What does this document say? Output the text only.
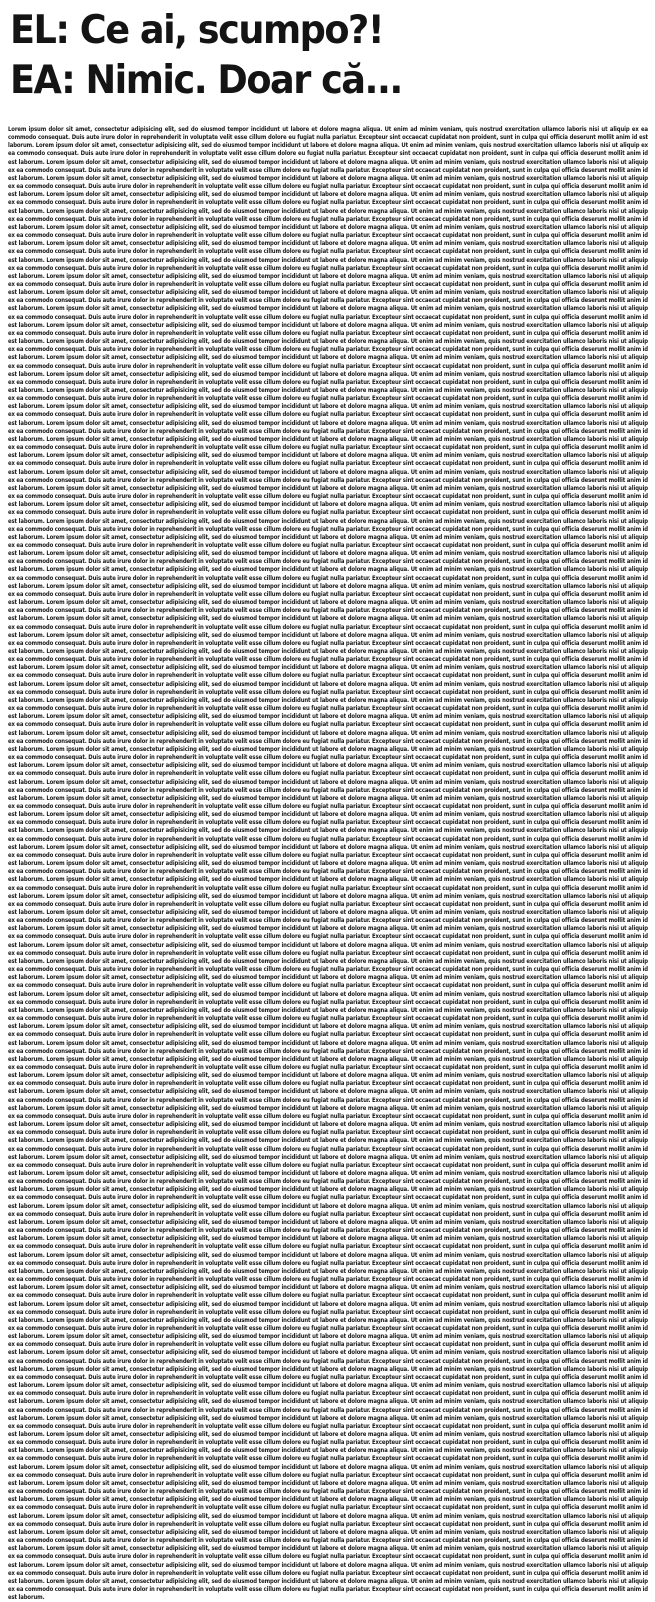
EL: Ce ai, scumpo?!
EA: Nimic. Doar că...

Lorem ipsum dolor sit amet, consectetur adipisicing elit, sed do eiusmod tempor incididunt ut labore et dolore magna aliqua. Ut enim ad minim veniam, quis nostrud exercitation ullamco laboris nisi ut aliquip ex ea commodo consequat. Duis aute irure dolor in reprehenderit in voluptate velit esse cillum dolore eu fugiat nulla pariatur. Excepteur sint occaecat cupidatat non proident, sunt in culpa qui officia deserunt mollit anim id est laborum. Lorem ipsum dolor sit amet, consectetur adipisicing elit, sed do eiusmod tempor incididunt ut labore et dolore magna aliqua. Ut enim ad minim veniam, quis nostrud exercitation ullamco laboris nisi ut aliquip ex ea commodo consequat. Duis aute irure dolor in reprehenderit in voluptate velit esse cillum dolore eu fugiat nulla pariatur. Excepteur sint occaecat cupidatat non proident, sunt in culpa qui officia deserunt mollit anim id est laborum. Lorem ipsum dolor sit amet, consectetur adipisicing elit, sed do eiusmod tempor incididunt ut labore et dolore magna aliqua. Ut enim ad minim veniam, quis nostrud exercitation ullamco laboris nisi ut aliquip ex ea commodo consequat. Duis aute irure dolor in reprehenderit in voluptate velit esse cillum dolore eu fugiat nulla pariatur. Excepteur sint occaecat cupidatat non proident, sunt in culpa qui officia deserunt mollit anim id est laborum. Lorem ipsum dolor sit amet, consectetur adipisicing elit, sed do eiusmod tempor incididunt ut labore et dolore magna aliqua. Ut enim ad minim veniam, quis nostrud exercitation ullamco laboris nisi ut aliquip ex ea commodo consequat. Duis aute irure dolor in reprehenderit in voluptate velit esse cillum dolore eu fugiat nulla pariatur. Excepteur sint occaecat cupidatat non proident, sunt in culpa qui officia deserunt mollit anim id est laborum. Lorem ipsum dolor sit amet, consectetur adipisicing elit, sed do eiusmod tempor incididunt ut labore et dolore magna aliqua. Ut enim ad minim veniam, quis nostrud exercitation ullamco laboris nisi ut aliquip ex ea commodo consequat. Duis aute irure dolor in reprehenderit in voluptate velit esse cillum dolore eu fugiat nulla pariatur. Excepteur sint occaecat cupidatat non proident, sunt in culpa qui officia deserunt mollit anim id est laborum. Lorem ipsum dolor sit amet, consectetur adipisicing elit, sed do eiusmod tempor incididunt ut labore et dolore magna aliqua. Ut enim ad minim veniam, quis nostrud exercitation ullamco laboris nisi ut aliquip ex ea commodo consequat. Duis aute irure dolor in reprehenderit in voluptate velit esse cillum dolore eu fugiat nulla pariatur. Excepteur sint occaecat cupidatat non proident, sunt in culpa qui officia deserunt mollit anim id est laborum. Lorem ipsum dolor sit amet, consectetur adipisicing elit, sed do eiusmod tempor incididunt ut labore et dolore magna aliqua. Ut enim ad minim veniam, quis nostrud exercitation ullamco laboris nisi ut aliquip ex ea commodo consequat. Duis aute irure dolor in reprehenderit in voluptate velit esse cillum dolore eu fugiat nulla pariatur. Excepteur sint occaecat cupidatat non proident, sunt in culpa qui officia deserunt mollit anim id est laborum. Lorem ipsum dolor sit amet, consectetur adipisicing elit, sed do eiusmod tempor incididunt ut labore et dolore magna aliqua. Ut enim ad minim veniam, quis nostrud exercitation ullamco laboris nisi ut aliquip ex ea commodo consequat. Duis aute irure dolor in reprehenderit in voluptate velit esse cillum dolore eu fugiat nulla pariatur. Excepteur sint occaecat cupidatat non proident, sunt in culpa qui officia deserunt mollit anim id est laborum. Lorem ipsum dolor sit amet, consectetur adipisicing elit, sed do eiusmod tempor incididunt ut labore et dolore magna aliqua. Ut enim ad minim veniam, quis nostrud exercitation ullamco laboris nisi ut aliquip ex ea commodo consequat. Duis aute irure dolor in reprehenderit in voluptate velit esse cillum dolore eu fugiat nulla pariatur. Excepteur sint occaecat cupidatat non proident, sunt in culpa qui officia deserunt mollit anim id est laborum. Lorem ipsum dolor sit amet, consectetur adipisicing elit, sed do eiusmod tempor incididunt ut labore et dolore magna aliqua. Ut enim ad minim veniam, quis nostrud exercitation ullamco laboris nisi ut aliquip ex ea commodo consequat. Duis aute irure dolor in reprehenderit in voluptate velit esse cillum dolore eu fugiat nulla pariatur. Excepteur sint occaecat cupidatat non proident, sunt in culpa qui officia deserunt mollit anim id est laborum. Lorem ipsum dolor sit amet, consectetur adipisicing elit, sed do eiusmod tempor incididunt ut labore et dolore magna aliqua. Ut enim ad minim veniam, quis nostrud exercitation ullamco laboris nisi ut aliquip ex ea commodo consequat. Duis aute irure dolor in reprehenderit in voluptate velit esse cillum dolore eu fugiat nulla pariatur. Excepteur sint occaecat cupidatat non proident, sunt in culpa qui officia deserunt mollit anim id est laborum. Lorem ipsum dolor sit amet, consectetur adipisicing elit, sed do eiusmod tempor incididunt ut labore et dolore magna aliqua. Ut enim ad minim veniam, quis nostrud exercitation ullamco laboris nisi ut aliquip ex ea commodo consequat. Duis aute irure dolor in reprehenderit in voluptate velit esse cillum dolore eu fugiat nulla pariatur. Excepteur sint occaecat cupidatat non proident, sunt in culpa qui officia deserunt mollit anim id est laborum. Lorem ipsum dolor sit amet, consectetur adipisicing elit, sed do eiusmod tempor incididunt ut labore et dolore magna aliqua. Ut enim ad minim veniam, quis nostrud exercitation ullamco laboris nisi ut aliquip ex ea commodo consequat. Duis aute irure dolor in reprehenderit in voluptate velit esse cillum dolore eu fugiat nulla pariatur. Excepteur sint occaecat cupidatat non proident, sunt in culpa qui officia deserunt mollit anim id est laborum. Lorem ipsum dolor sit amet, consectetur adipisicing elit, sed do eiusmod tempor incididunt ut labore et dolore magna aliqua. Ut enim ad minim veniam, quis nostrud exercitation ullamco laboris nisi ut aliquip ex ea commodo consequat. Duis aute irure dolor in reprehenderit in voluptate velit esse cillum dolore eu fugiat nulla pariatur. Excepteur sint occaecat cupidatat non proident, sunt in culpa qui officia deserunt mollit anim id est laborum. Lorem ipsum dolor sit amet, consectetur adipisicing elit, sed do eiusmod tempor incididunt ut labore et dolore magna aliqua. Ut enim ad minim veniam, quis nostrud exercitation ullamco laboris nisi ut aliquip ex ea commodo consequat. Duis aute irure dolor in reprehenderit in voluptate velit esse cillum dolore eu fugiat nulla pariatur. Excepteur sint occaecat cupidatat non proident, sunt in culpa qui officia deserunt mollit anim id est laborum. Lorem ipsum dolor sit amet, consectetur adipisicing elit, sed do eiusmod tempor incididunt ut labore et dolore magna aliqua. Ut enim ad minim veniam, quis nostrud exercitation ullamco laboris nisi ut aliquip ex ea commodo consequat. Duis aute irure dolor in reprehenderit in voluptate velit esse cillum dolore eu fugiat nulla pariatur. Excepteur sint occaecat cupidatat non proident, sunt in culpa qui officia deserunt mollit anim id est laborum. Lorem ipsum dolor sit amet, consectetur adipisicing elit, sed do eiusmod tempor incididunt ut labore et dolore magna aliqua. Ut enim ad minim veniam, quis nostrud exercitation ullamco laboris nisi ut aliquip ex ea commodo consequat. Duis aute irure dolor in reprehenderit in voluptate velit esse cillum dolore eu fugiat nulla pariatur. Excepteur sint occaecat cupidatat non proident, sunt in culpa qui officia deserunt mollit anim id est laborum. Lorem ipsum dolor sit amet, consectetur adipisicing elit, sed do eiusmod tempor incididunt ut labore et dolore magna aliqua. Ut enim ad minim veniam, quis nostrud exercitation ullamco laboris nisi ut aliquip ex ea commodo consequat. Duis aute irure dolor in reprehenderit in voluptate velit esse cillum dolore eu fugiat nulla pariatur. Excepteur sint occaecat cupidatat non proident, sunt in culpa qui officia deserunt mollit anim id est laborum. Lorem ipsum dolor sit amet, consectetur adipisicing elit, sed do eiusmod tempor incididunt ut labore et dolore magna aliqua. Ut enim ad minim veniam, quis nostrud exercitation ullamco laboris nisi ut aliquip ex ea commodo consequat. Duis aute irure dolor in reprehenderit in voluptate velit esse cillum dolore eu fugiat nulla pariatur. Excepteur sint occaecat cupidatat non proident, sunt in culpa qui officia deserunt mollit anim id est laborum. Lorem ipsum dolor sit amet, consectetur adipisicing elit, sed do eiusmod tempor incididunt ut labore et dolore magna aliqua. Ut enim ad minim veniam, quis nostrud exercitation ullamco laboris nisi ut aliquip ex ea commodo consequat. Duis aute irure dolor in reprehenderit in voluptate velit esse cillum dolore eu fugiat nulla pariatur. Excepteur sint occaecat cupidatat non proident, sunt in culpa qui officia deserunt mollit anim id est laborum. Lorem ipsum dolor sit amet, consectetur adipisicing elit, sed do eiusmod tempor incididunt ut labore et dolore magna aliqua. Ut enim ad minim veniam, quis nostrud exercitation ullamco laboris nisi ut aliquip ex ea commodo consequat. Duis aute irure dolor in reprehenderit in voluptate velit esse cillum dolore eu fugiat nulla pariatur. Excepteur sint occaecat cupidatat non proident, sunt in culpa qui officia deserunt mollit anim id est laborum. Lorem ipsum dolor sit amet, consectetur adipisicing elit, sed do eiusmod tempor incididunt ut labore et dolore magna aliqua. Ut enim ad minim veniam, quis nostrud exercitation ullamco laboris nisi ut aliquip ex ea commodo consequat. Duis aute irure dolor in reprehenderit in voluptate velit esse cillum dolore eu fugiat nulla pariatur. Excepteur sint occaecat cupidatat non proident, sunt in culpa qui officia deserunt mollit anim id est laborum. Lorem ipsum dolor sit amet, consectetur adipisicing elit, sed do eiusmod tempor incididunt ut labore et dolore magna aliqua. Ut enim ad minim veniam, quis nostrud exercitation ullamco laboris nisi ut aliquip ex ea commodo consequat. Duis aute irure dolor in reprehenderit in voluptate velit esse cillum dolore eu fugiat nulla pariatur. Excepteur sint occaecat cupidatat non proident, sunt in culpa qui officia deserunt mollit anim id est laborum. Lorem ipsum dolor sit amet, consectetur adipisicing elit, sed do eiusmod tempor incididunt ut labore et dolore magna aliqua. Ut enim ad minim veniam, quis nostrud exercitation ullamco laboris nisi ut aliquip ex ea commodo consequat. Duis aute irure dolor in reprehenderit in voluptate velit esse cillum dolore eu fugiat nulla pariatur. Excepteur sint occaecat cupidatat non proident, sunt in culpa qui officia deserunt mollit anim id est laborum. Lorem ipsum dolor sit amet, consectetur adipisicing elit, sed do eiusmod tempor incididunt ut labore et dolore magna aliqua. Ut enim ad minim veniam, quis nostrud exercitation ullamco laboris nisi ut aliquip ex ea commodo consequat. Duis aute irure dolor in reprehenderit in voluptate velit esse cillum dolore eu fugiat nulla pariatur. Excepteur sint occaecat cupidatat non proident, sunt in culpa qui officia deserunt mollit anim id est laborum. Lorem ipsum dolor sit amet, consectetur adipisicing elit, sed do eiusmod tempor incididunt ut labore et dolore magna aliqua. Ut enim ad minim veniam, quis nostrud exercitation ullamco laboris nisi ut aliquip ex ea commodo consequat. Duis aute irure dolor in reprehenderit in voluptate velit esse cillum dolore eu fugiat nulla pariatur. Excepteur sint occaecat cupidatat non proident, sunt in culpa qui officia deserunt mollit anim id est laborum. Lorem ipsum dolor sit amet, consectetur adipisicing elit, sed do eiusmod tempor incididunt ut labore et dolore magna aliqua. Ut enim ad minim veniam, quis nostrud exercitation ullamco laboris nisi ut aliquip ex ea commodo consequat. Duis aute irure dolor in reprehenderit in voluptate velit esse cillum dolore eu fugiat nulla pariatur. Excepteur sint occaecat cupidatat non proident, sunt in culpa qui officia deserunt mollit anim id est laborum. Lorem ipsum dolor sit amet, consectetur adipisicing elit, sed do eiusmod tempor incididunt ut labore et dolore magna aliqua. Ut enim ad minim veniam, quis nostrud exercitation ullamco laboris nisi ut aliquip ex ea commodo consequat. Duis aute irure dolor in reprehenderit in voluptate velit esse cillum dolore eu fugiat nulla pariatur. Excepteur sint occaecat cupidatat non proident, sunt in culpa qui officia deserunt mollit anim id est laborum. Lorem ipsum dolor sit amet, consectetur adipisicing elit, sed do eiusmod tempor incididunt ut labore et dolore magna aliqua. Ut enim ad minim veniam, quis nostrud exercitation ullamco laboris nisi ut aliquip ex ea commodo consequat. Duis aute irure dolor in reprehenderit in voluptate velit esse cillum dolore eu fugiat nulla pariatur. Excepteur sint occaecat cupidatat non proident, sunt in culpa qui officia deserunt mollit anim id est laborum. Lorem ipsum dolor sit amet, consectetur adipisicing elit, sed do eiusmod tempor incididunt ut labore et dolore magna aliqua. Ut enim ad minim veniam, quis nostrud exercitation ullamco laboris nisi ut aliquip ex ea commodo consequat. Duis aute irure dolor in reprehenderit in voluptate velit esse cillum dolore eu fugiat nulla pariatur. Excepteur sint occaecat cupidatat non proident, sunt in culpa qui officia deserunt mollit anim id est laborum. Lorem ipsum dolor sit amet, consectetur adipisicing elit, sed do eiusmod tempor incididunt ut labore et dolore magna aliqua. Ut enim ad minim veniam, quis nostrud exercitation ullamco laboris nisi ut aliquip ex ea commodo consequat. Duis aute irure dolor in reprehenderit in voluptate velit esse cillum dolore eu fugiat nulla pariatur. Excepteur sint occaecat cupidatat non proident, sunt in culpa qui officia deserunt mollit anim id est laborum. Lorem ipsum dolor sit amet, consectetur adipisicing elit, sed do eiusmod tempor incididunt ut labore et dolore magna aliqua. Ut enim ad minim veniam, quis nostrud exercitation ullamco laboris nisi ut aliquip ex ea commodo consequat. Duis aute irure dolor in reprehenderit in voluptate velit esse cillum dolore eu fugiat nulla pariatur. Excepteur sint occaecat cupidatat non proident, sunt in culpa qui officia deserunt mollit anim id est laborum. Lorem ipsum dolor sit amet, consectetur adipisicing elit, sed do eiusmod tempor incididunt ut labore et dolore magna aliqua. Ut enim ad minim veniam, quis nostrud exercitation ullamco laboris nisi ut aliquip ex ea commodo consequat. Duis aute irure dolor in reprehenderit in voluptate velit esse cillum dolore eu fugiat nulla pariatur. Excepteur sint occaecat cupidatat non proident, sunt in culpa qui officia deserunt mollit anim id est laborum. Lorem ipsum dolor sit amet, consectetur adipisicing elit, sed do eiusmod tempor incididunt ut labore et dolore magna aliqua. Ut enim ad minim veniam, quis nostrud exercitation ullamco laboris nisi ut aliquip ex ea commodo consequat. Duis aute irure dolor in reprehenderit in voluptate velit esse cillum dolore eu fugiat nulla pariatur. Excepteur sint occaecat cupidatat non proident, sunt in culpa qui officia deserunt mollit anim id est laborum. Lorem ipsum dolor sit amet, consectetur adipisicing elit, sed do eiusmod tempor incididunt ut labore et dolore magna aliqua. Ut enim ad minim veniam, quis nostrud exercitation ullamco laboris nisi ut aliquip ex ea commodo consequat. Duis aute irure dolor in reprehenderit in voluptate velit esse cillum dolore eu fugiat nulla pariatur. Excepteur sint occaecat cupidatat non proident, sunt in culpa qui officia deserunt mollit anim id est laborum. Lorem ipsum dolor sit amet, consectetur adipisicing elit, sed do eiusmod tempor incididunt ut labore et dolore magna aliqua. Ut enim ad minim veniam, quis nostrud exercitation ullamco laboris nisi ut aliquip ex ea commodo consequat. Duis aute irure dolor in reprehenderit in voluptate velit esse cillum dolore eu fugiat nulla pariatur. Excepteur sint occaecat cupidatat non proident, sunt in culpa qui officia deserunt mollit anim id est laborum. Lorem ipsum dolor sit amet, consectetur adipisicing elit, sed do eiusmod tempor incididunt ut labore et dolore magna aliqua. Ut enim ad minim veniam, quis nostrud exercitation ullamco laboris nisi ut aliquip ex ea commodo consequat. Duis aute irure dolor in reprehenderit in voluptate velit esse cillum dolore eu fugiat nulla pariatur. Excepteur sint occaecat cupidatat non proident, sunt in culpa qui officia deserunt mollit anim id est laborum. Lorem ipsum dolor sit amet, consectetur adipisicing elit, sed do eiusmod tempor incididunt ut labore et dolore magna aliqua. Ut enim ad minim veniam, quis nostrud exercitation ullamco laboris nisi ut aliquip ex ea commodo consequat. Duis aute irure dolor in reprehenderit in voluptate velit esse cillum dolore eu fugiat nulla pariatur. Excepteur sint occaecat cupidatat non proident, sunt in culpa qui officia deserunt mollit anim id est laborum. Lorem ipsum dolor sit amet, consectetur adipisicing elit, sed do eiusmod tempor incididunt ut labore et dolore magna aliqua. Ut enim ad minim veniam, quis nostrud exercitation ullamco laboris nisi ut aliquip ex ea commodo consequat. Duis aute irure dolor in reprehenderit in voluptate velit esse cillum dolore eu fugiat nulla pariatur. Excepteur sint occaecat cupidatat non proident, sunt in culpa qui officia deserunt mollit anim id est laborum. Lorem ipsum dolor sit amet, consectetur adipisicing elit, sed do eiusmod tempor incididunt ut labore et dolore magna aliqua. Ut enim ad minim veniam, quis nostrud exercitation ullamco laboris nisi ut aliquip ex ea commodo consequat. Duis aute irure dolor in reprehenderit in voluptate velit esse cillum dolore eu fugiat nulla pariatur. Excepteur sint occaecat cupidatat non proident, sunt in culpa qui officia deserunt mollit anim id est laborum. Lorem ipsum dolor sit amet, consectetur adipisicing elit, sed do eiusmod tempor incididunt ut labore et dolore magna aliqua. Ut enim ad minim veniam, quis nostrud exercitation ullamco laboris nisi ut aliquip ex ea commodo consequat. Duis aute irure dolor in reprehenderit in voluptate velit esse cillum dolore eu fugiat nulla pariatur. Excepteur sint occaecat cupidatat non proident, sunt in culpa qui officia deserunt mollit anim id est laborum. Lorem ipsum dolor sit amet, consectetur adipisicing elit, sed do eiusmod tempor incididunt ut labore et dolore magna aliqua. Ut enim ad minim veniam, quis nostrud exercitation ullamco laboris nisi ut aliquip ex ea commodo consequat. Duis aute irure dolor in reprehenderit in voluptate velit esse cillum dolore eu fugiat nulla pariatur. Excepteur sint occaecat cupidatat non proident, sunt in culpa qui officia deserunt mollit anim id est laborum. Lorem ipsum dolor sit amet, consectetur adipisicing elit, sed do eiusmod tempor incididunt ut labore et dolore magna aliqua. Ut enim ad minim veniam, quis nostrud exercitation ullamco laboris nisi ut aliquip ex ea commodo consequat. Duis aute irure dolor in reprehenderit in voluptate velit esse cillum dolore eu fugiat nulla pariatur. Excepteur sint occaecat cupidatat non proident, sunt in culpa qui officia deserunt mollit anim id est laborum. Lorem ipsum dolor sit amet, consectetur adipisicing elit, sed do eiusmod tempor incididunt ut labore et dolore magna aliqua. Ut enim ad minim veniam, quis nostrud exercitation ullamco laboris nisi ut aliquip ex ea commodo consequat. Duis aute irure dolor in reprehenderit in voluptate velit esse cillum dolore eu fugiat nulla pariatur. Excepteur sint occaecat cupidatat non proident, sunt in culpa qui officia deserunt mollit anim id est laborum. Lorem ipsum dolor sit amet, consectetur adipisicing elit, sed do eiusmod tempor incididunt ut labore et dolore magna aliqua. Ut enim ad minim veniam, quis nostrud exercitation ullamco laboris nisi ut aliquip ex ea commodo consequat. Duis aute irure dolor in reprehenderit in voluptate velit esse cillum dolore eu fugiat nulla pariatur. Excepteur sint occaecat cupidatat non proident, sunt in culpa qui officia deserunt mollit anim id est laborum. Lorem ipsum dolor sit amet, consectetur adipisicing elit, sed do eiusmod tempor incididunt ut labore et dolore magna aliqua. Ut enim ad minim veniam, quis nostrud exercitation ullamco laboris nisi ut aliquip ex ea commodo consequat. Duis aute irure dolor in reprehenderit in voluptate velit esse cillum dolore eu fugiat nulla pariatur. Excepteur sint occaecat cupidatat non proident, sunt in culpa qui officia deserunt mollit anim id est laborum. Lorem ipsum dolor sit amet, consectetur adipisicing elit, sed do eiusmod tempor incididunt ut labore et dolore magna aliqua. Ut enim ad minim veniam, quis nostrud exercitation ullamco laboris nisi ut aliquip ex ea commodo consequat. Duis aute irure dolor in reprehenderit in voluptate velit esse cillum dolore eu fugiat nulla pariatur. Excepteur sint occaecat cupidatat non proident, sunt in culpa qui officia deserunt mollit anim id est laborum. Lorem ipsum dolor sit amet, consectetur adipisicing elit, sed do eiusmod tempor incididunt ut labore et dolore magna aliqua. Ut enim ad minim veniam, quis nostrud exercitation ullamco laboris nisi ut aliquip ex ea commodo consequat. Duis aute irure dolor in reprehenderit in voluptate velit esse cillum dolore eu fugiat nulla pariatur. Excepteur sint occaecat cupidatat non proident, sunt in culpa qui officia deserunt mollit anim id est laborum. Lorem ipsum dolor sit amet, consectetur adipisicing elit, sed do eiusmod tempor incididunt ut labore et dolore magna aliqua. Ut enim ad minim veniam, quis nostrud exercitation ullamco laboris nisi ut aliquip ex ea commodo consequat. Duis aute irure dolor in reprehenderit in voluptate velit esse cillum dolore eu fugiat nulla pariatur. Excepteur sint occaecat cupidatat non proident, sunt in culpa qui officia deserunt mollit anim id est laborum. Lorem ipsum dolor sit amet, consectetur adipisicing elit, sed do eiusmod tempor incididunt ut labore et dolore magna aliqua. Ut enim ad minim veniam, quis nostrud exercitation ullamco laboris nisi ut aliquip ex ea commodo consequat. Duis aute irure dolor in reprehenderit in voluptate velit esse cillum dolore eu fugiat nulla pariatur. Excepteur sint occaecat cupidatat non proident, sunt in culpa qui officia deserunt mollit anim id est laborum. Lorem ipsum dolor sit amet, consectetur adipisicing elit, sed do eiusmod tempor incididunt ut labore et dolore magna aliqua. Ut enim ad minim veniam, quis nostrud exercitation ullamco laboris nisi ut aliquip ex ea commodo consequat. Duis aute irure dolor in reprehenderit in voluptate velit esse cillum dolore eu fugiat nulla pariatur. Excepteur sint occaecat cupidatat non proident, sunt in culpa qui officia deserunt mollit anim id est laborum. Lorem ipsum dolor sit amet, consectetur adipisicing elit, sed do eiusmod tempor incididunt ut labore et dolore magna aliqua. Ut enim ad minim veniam, quis nostrud exercitation ullamco laboris nisi ut aliquip ex ea commodo consequat. Duis aute irure dolor in reprehenderit in voluptate velit esse cillum dolore eu fugiat nulla pariatur. Excepteur sint occaecat cupidatat non proident, sunt in culpa qui officia deserunt mollit anim id est laborum. Lorem ipsum dolor sit amet, consectetur adipisicing elit, sed do eiusmod tempor incididunt ut labore et dolore magna aliqua. Ut enim ad minim veniam, quis nostrud exercitation ullamco laboris nisi ut aliquip ex ea commodo consequat. Duis aute irure dolor in reprehenderit in voluptate velit esse cillum dolore eu fugiat nulla pariatur. Excepteur sint occaecat cupidatat non proident, sunt in culpa qui officia deserunt mollit anim id est laborum. Lorem ipsum dolor sit amet, consectetur adipisicing elit, sed do eiusmod tempor incididunt ut labore et dolore magna aliqua. Ut enim ad minim veniam, quis nostrud exercitation ullamco laboris nisi ut aliquip ex ea commodo consequat. Duis aute irure dolor in reprehenderit in voluptate velit esse cillum dolore eu fugiat nulla pariatur. Excepteur sint occaecat cupidatat non proident, sunt in culpa qui officia deserunt mollit anim id est laborum. Lorem ipsum dolor sit amet, consectetur adipisicing elit, sed do eiusmod tempor incididunt ut labore et dolore magna aliqua. Ut enim ad minim veniam, quis nostrud exercitation ullamco laboris nisi ut aliquip ex ea commodo consequat. Duis aute irure dolor in reprehenderit in voluptate velit esse cillum dolore eu fugiat nulla pariatur. Excepteur sint occaecat cupidatat non proident, sunt in culpa qui officia deserunt mollit anim id est laborum. Lorem ipsum dolor sit amet, consectetur adipisicing elit, sed do eiusmod tempor incididunt ut labore et dolore magna aliqua. Ut enim ad minim veniam, quis nostrud exercitation ullamco laboris nisi ut aliquip ex ea commodo consequat. Duis aute irure dolor in reprehenderit in voluptate velit esse cillum dolore eu fugiat nulla pariatur. Excepteur sint occaecat cupidatat non proident, sunt in culpa qui officia deserunt mollit anim id est laborum. Lorem ipsum dolor sit amet, consectetur adipisicing elit, sed do eiusmod tempor incididunt ut labore et dolore magna aliqua. Ut enim ad minim veniam, quis nostrud exercitation ullamco laboris nisi ut aliquip ex ea commodo consequat. Duis aute irure dolor in reprehenderit in voluptate velit esse cillum dolore eu fugiat nulla pariatur. Excepteur sint occaecat cupidatat non proident, sunt in culpa qui officia deserunt mollit anim id est laborum. Lorem ipsum dolor sit amet, consectetur adipisicing elit, sed do eiusmod tempor incididunt ut labore et dolore magna aliqua. Ut enim ad minim veniam, quis nostrud exercitation ullamco laboris nisi ut aliquip ex ea commodo consequat. Duis aute irure dolor in reprehenderit in voluptate velit esse cillum dolore eu fugiat nulla pariatur. Excepteur sint occaecat cupidatat non proident, sunt in culpa qui officia deserunt mollit anim id est laborum. Lorem ipsum dolor sit amet, consectetur adipisicing elit, sed do eiusmod tempor incididunt ut labore et dolore magna aliqua. Ut enim ad minim veniam, quis nostrud exercitation ullamco laboris nisi ut aliquip ex ea commodo consequat. Duis aute irure dolor in reprehenderit in voluptate velit esse cillum dolore eu fugiat nulla pariatur. Excepteur sint occaecat cupidatat non proident, sunt in culpa qui officia deserunt mollit anim id est laborum. Lorem ipsum dolor sit amet, consectetur adipisicing elit, sed do eiusmod tempor incididunt ut labore et dolore magna aliqua. Ut enim ad minim veniam, quis nostrud exercitation ullamco laboris nisi ut aliquip ex ea commodo consequat. Duis aute irure dolor in reprehenderit in voluptate velit esse cillum dolore eu fugiat nulla pariatur. Excepteur sint occaecat cupidatat non proident, sunt in culpa qui officia deserunt mollit anim id est laborum. Lorem ipsum dolor sit amet, consectetur adipisicing elit, sed do eiusmod tempor incididunt ut labore et dolore magna aliqua. Ut enim ad minim veniam, quis nostrud exercitation ullamco laboris nisi ut aliquip ex ea commodo consequat. Duis aute irure dolor in reprehenderit in voluptate velit esse cillum dolore eu fugiat nulla pariatur. Excepteur sint occaecat cupidatat non proident, sunt in culpa qui officia deserunt mollit anim id est laborum. Lorem ipsum dolor sit amet, consectetur adipisicing elit, sed do eiusmod tempor incididunt ut labore et dolore magna aliqua. Ut enim ad minim veniam, quis nostrud exercitation ullamco laboris nisi ut aliquip ex ea commodo consequat. Duis aute irure dolor in reprehenderit in voluptate velit esse cillum dolore eu fugiat nulla pariatur. Excepteur sint occaecat cupidatat non proident, sunt in culpa qui officia deserunt mollit anim id est laborum. Lorem ipsum dolor sit amet, consectetur adipisicing elit, sed do eiusmod tempor incididunt ut labore et dolore magna aliqua. Ut enim ad minim veniam, quis nostrud exercitation ullamco laboris nisi ut aliquip ex ea commodo consequat. Duis aute irure dolor in reprehenderit in voluptate velit esse cillum dolore eu fugiat nulla pariatur. Excepteur sint occaecat cupidatat non proident, sunt in culpa qui officia deserunt mollit anim id est laborum. Lorem ipsum dolor sit amet, consectetur adipisicing elit, sed do eiusmod tempor incididunt ut labore et dolore magna aliqua. Ut enim ad minim veniam, quis nostrud exercitation ullamco laboris nisi ut aliquip ex ea commodo consequat. Duis aute irure dolor in reprehenderit in voluptate velit esse cillum dolore eu fugiat nulla pariatur. Excepteur sint occaecat cupidatat non proident, sunt in culpa qui officia deserunt mollit anim id est laborum. Lorem ipsum dolor sit amet, consectetur adipisicing elit, sed do eiusmod tempor incididunt ut labore et dolore magna aliqua. Ut enim ad minim veniam, quis nostrud exercitation ullamco laboris nisi ut aliquip ex ea commodo consequat. Duis aute irure dolor in reprehenderit in voluptate velit esse cillum dolore eu fugiat nulla pariatur. Excepteur sint occaecat cupidatat non proident, sunt in culpa qui officia deserunt mollit anim id est laborum. Lorem ipsum dolor sit amet, consectetur adipisicing elit, sed do eiusmod tempor incididunt ut labore et dolore magna aliqua. Ut enim ad minim veniam, quis nostrud exercitation ullamco laboris nisi ut aliquip ex ea commodo consequat. Duis aute irure dolor in reprehenderit in voluptate velit esse cillum dolore eu fugiat nulla pariatur. Excepteur sint occaecat cupidatat non proident, sunt in culpa qui officia deserunt mollit anim id est laborum. Lorem ipsum dolor sit amet, consectetur adipisicing elit, sed do eiusmod tempor incididunt ut labore et dolore magna aliqua. Ut enim ad minim veniam, quis nostrud exercitation ullamco laboris nisi ut aliquip ex ea commodo consequat. Duis aute irure dolor in reprehenderit in voluptate velit esse cillum dolore eu fugiat nulla pariatur. Excepteur sint occaecat cupidatat non proident, sunt in culpa qui officia deserunt mollit anim id est laborum. Lorem ipsum dolor sit amet, consectetur adipisicing elit, sed do eiusmod tempor incididunt ut labore et dolore magna aliqua. Ut enim ad minim veniam, quis nostrud exercitation ullamco laboris nisi ut aliquip ex ea commodo consequat. Duis aute irure dolor in reprehenderit in voluptate velit esse cillum dolore eu fugiat nulla pariatur. Excepteur sint occaecat cupidatat non proident, sunt in culpa qui officia deserunt mollit anim id est laborum. Lorem ipsum dolor sit amet, consectetur adipisicing elit, sed do eiusmod tempor incididunt ut labore et dolore magna aliqua. Ut enim ad minim veniam, quis nostrud exercitation ullamco laboris nisi ut aliquip ex ea commodo consequat. Duis aute irure dolor in reprehenderit in voluptate velit esse cillum dolore eu fugiat nulla pariatur. Excepteur sint occaecat cupidatat non proident, sunt in culpa qui officia deserunt mollit anim id est laborum. Lorem ipsum dolor sit amet, consectetur adipisicing elit, sed do eiusmod tempor incididunt ut labore et dolore magna aliqua. Ut enim ad minim veniam, quis nostrud exercitation ullamco laboris nisi ut aliquip ex ea commodo consequat. Duis aute irure dolor in reprehenderit in voluptate velit esse cillum dolore eu fugiat nulla pariatur. Excepteur sint occaecat cupidatat non proident, sunt in culpa qui officia deserunt mollit anim id est laborum. Lorem ipsum dolor sit amet, consectetur adipisicing elit, sed do eiusmod tempor incididunt ut labore et dolore magna aliqua. Ut enim ad minim veniam, quis nostrud exercitation ullamco laboris nisi ut aliquip ex ea commodo consequat. Duis aute irure dolor in reprehenderit in voluptate velit esse cillum dolore eu fugiat nulla pariatur. Excepteur sint occaecat cupidatat non proident, sunt in culpa qui officia deserunt mollit anim id est laborum. Lorem ipsum dolor sit amet, consectetur adipisicing elit, sed do eiusmod tempor incididunt ut labore et dolore magna aliqua. Ut enim ad minim veniam, quis nostrud exercitation ullamco laboris nisi ut aliquip ex ea commodo consequat. Duis aute irure dolor in reprehenderit in voluptate velit esse cillum dolore eu fugiat nulla pariatur. Excepteur sint occaecat cupidatat non proident, sunt in culpa qui officia deserunt mollit anim id est laborum. Lorem ipsum dolor sit amet, consectetur adipisicing elit, sed do eiusmod tempor incididunt ut labore et dolore magna aliqua. Ut enim ad minim veniam, quis nostrud exercitation ullamco laboris nisi ut aliquip ex ea commodo consequat. Duis aute irure dolor in reprehenderit in voluptate velit esse cillum dolore eu fugiat nulla pariatur. Excepteur sint occaecat cupidatat non proident, sunt in culpa qui officia deserunt mollit anim id est laborum. Lorem ipsum dolor sit amet, consectetur adipisicing elit, sed do eiusmod tempor incididunt ut labore et dolore magna aliqua. Ut enim ad minim veniam, quis nostrud exercitation ullamco laboris nisi ut aliquip ex ea commodo consequat. Duis aute irure dolor in reprehenderit in voluptate velit esse cillum dolore eu fugiat nulla pariatur. Excepteur sint occaecat cupidatat non proident, sunt in culpa qui officia deserunt mollit anim id est laborum. Lorem ipsum dolor sit amet, consectetur adipisicing elit, sed do eiusmod tempor incididunt ut labore et dolore magna aliqua. Ut enim ad minim veniam, quis nostrud exercitation ullamco laboris nisi ut aliquip ex ea commodo consequat. Duis aute irure dolor in reprehenderit in voluptate velit esse cillum dolore eu fugiat nulla pariatur. Excepteur sint occaecat cupidatat non proident, sunt in culpa qui officia deserunt mollit anim id est laborum. Lorem ipsum dolor sit amet, consectetur adipisicing elit, sed do eiusmod tempor incididunt ut labore et dolore magna aliqua. Ut enim ad minim veniam, quis nostrud exercitation ullamco laboris nisi ut aliquip ex ea commodo consequat. Duis aute irure dolor in reprehenderit in voluptate velit esse cillum dolore eu fugiat nulla pariatur. Excepteur sint occaecat cupidatat non proident, sunt in culpa qui officia deserunt mollit anim id est laborum. Lorem ipsum dolor sit amet, consectetur adipisicing elit, sed do eiusmod tempor incididunt ut labore et dolore magna aliqua. Ut enim ad minim veniam, quis nostrud exercitation ullamco laboris nisi ut aliquip ex ea commodo consequat. Duis aute irure dolor in reprehenderit in voluptate velit esse cillum dolore eu fugiat nulla pariatur. Excepteur sint occaecat cupidatat non proident, sunt in culpa qui officia deserunt mollit anim id est laborum. Lorem ipsum dolor sit amet, consectetur adipisicing elit, sed do eiusmod tempor incididunt ut labore et dolore magna aliqua. Ut enim ad minim veniam, quis nostrud exercitation ullamco laboris nisi ut aliquip ex ea commodo consequat. Duis aute irure dolor in reprehenderit in voluptate velit esse cillum dolore eu fugiat nulla pariatur. Excepteur sint occaecat cupidatat non proident, sunt in culpa qui officia deserunt mollit anim id est laborum. Lorem ipsum dolor sit amet, consectetur adipisicing elit, sed do eiusmod tempor incididunt ut labore et dolore magna aliqua. Ut enim ad minim veniam, quis nostrud exercitation ullamco laboris nisi ut aliquip ex ea commodo consequat. Duis aute irure dolor in reprehenderit in voluptate velit esse cillum dolore eu fugiat nulla pariatur. Excepteur sint occaecat cupidatat non proident, sunt in culpa qui officia deserunt mollit anim id est laborum. Lorem ipsum dolor sit amet, consectetur adipisicing elit, sed do eiusmod tempor incididunt ut labore et dolore magna aliqua. Ut enim ad minim veniam, quis nostrud exercitation ullamco laboris nisi ut aliquip ex ea commodo consequat. Duis aute irure dolor in reprehenderit in voluptate velit esse cillum dolore eu fugiat nulla pariatur. Excepteur sint occaecat cupidatat non proident, sunt in culpa qui officia deserunt mollit anim id est laborum. Lorem ipsum dolor sit amet, consectetur adipisicing elit, sed do eiusmod tempor incididunt ut labore et dolore magna aliqua. Ut enim ad minim veniam, quis nostrud exercitation ullamco laboris nisi ut aliquip ex ea commodo consequat. Duis aute irure dolor in reprehenderit in voluptate velit esse cillum dolore eu fugiat nulla pariatur. Excepteur sint occaecat cupidatat non proident, sunt in culpa qui officia deserunt mollit anim id est laborum. Lorem ipsum dolor sit amet, consectetur adipisicing elit, sed do eiusmod tempor incididunt ut labore et dolore magna aliqua. Ut enim ad minim veniam, quis nostrud exercitation ullamco laboris nisi ut aliquip ex ea commodo consequat. Duis aute irure dolor in reprehenderit in voluptate velit esse cillum dolore eu fugiat nulla pariatur. Excepteur sint occaecat cupidatat non proident, sunt in culpa qui officia deserunt mollit anim id est laborum. Lorem ipsum dolor sit amet, consectetur adipisicing elit, sed do eiusmod tempor incididunt ut labore et dolore magna aliqua. Ut enim ad minim veniam, quis nostrud exercitation ullamco laboris nisi ut aliquip ex ea commodo consequat. Duis aute irure dolor in reprehenderit in voluptate velit esse cillum dolore eu fugiat nulla pariatur. Excepteur sint occaecat cupidatat non proident, sunt in culpa qui officia deserunt mollit anim id est laborum. Lorem ipsum dolor sit amet, consectetur adipisicing elit, sed do eiusmod tempor incididunt ut labore et dolore magna aliqua. Ut enim ad minim veniam, quis nostrud exercitation ullamco laboris nisi ut aliquip ex ea commodo consequat. Duis aute irure dolor in reprehenderit in voluptate velit esse cillum dolore eu fugiat nulla pariatur. Excepteur sint occaecat cupidatat non proident, sunt in culpa qui officia deserunt mollit anim id est laborum. Lorem ipsum dolor sit amet, consectetur adipisicing elit, sed do eiusmod tempor incididunt ut labore et dolore magna aliqua. Ut enim ad minim veniam, quis nostrud exercitation ullamco laboris nisi ut aliquip ex ea commodo consequat. Duis aute irure dolor in reprehenderit in voluptate velit esse cillum dolore eu fugiat nulla pariatur. Excepteur sint occaecat cupidatat non proident, sunt in culpa qui officia deserunt mollit anim id est laborum. Lorem ipsum dolor sit amet, consectetur adipisicing elit, sed do eiusmod tempor incididunt ut labore et dolore magna aliqua. Ut enim ad minim veniam, quis nostrud exercitation ullamco laboris nisi ut aliquip ex ea commodo consequat. Duis aute irure dolor in reprehenderit in voluptate velit esse cillum dolore eu fugiat nulla pariatur. Excepteur sint occaecat cupidatat non proident, sunt in culpa qui officia deserunt mollit anim id est laborum. Lorem ipsum dolor sit amet, consectetur adipisicing elit, sed do eiusmod tempor incididunt ut labore et dolore magna aliqua. Ut enim ad minim veniam, quis nostrud exercitation ullamco laboris nisi ut aliquip ex ea commodo consequat. Duis aute irure dolor in reprehenderit in voluptate velit esse cillum dolore eu fugiat nulla pariatur. Excepteur sint occaecat cupidatat non proident, sunt in culpa qui officia deserunt mollit anim id est laborum. Lorem ipsum dolor sit amet, consectetur adipisicing elit, sed do eiusmod tempor incididunt ut labore et dolore magna aliqua. Ut enim ad minim veniam, quis nostrud exercitation ullamco laboris nisi ut aliquip ex ea commodo consequat. Duis aute irure dolor in reprehenderit in voluptate velit esse cillum dolore eu fugiat nulla pariatur. Excepteur sint occaecat cupidatat non proident, sunt in culpa qui officia deserunt mollit anim id est laborum. Lorem ipsum dolor sit amet, consectetur adipisicing elit, sed do eiusmod tempor incididunt ut labore et dolore magna aliqua. Ut enim ad minim veniam, quis nostrud exercitation ullamco laboris nisi ut aliquip ex ea commodo consequat. Duis aute irure dolor in reprehenderit in voluptate velit esse cillum dolore eu fugiat nulla pariatur. Excepteur sint occaecat cupidatat non proident, sunt in culpa qui officia deserunt mollit anim id est laborum. Lorem ipsum dolor sit amet, consectetur adipisicing elit, sed do eiusmod tempor incididunt ut labore et dolore magna aliqua. Ut enim ad minim veniam, quis nostrud exercitation ullamco laboris nisi ut aliquip ex ea commodo consequat. Duis aute irure dolor in reprehenderit in voluptate velit esse cillum dolore eu fugiat nulla pariatur. Excepteur sint occaecat cupidatat non proident, sunt in culpa qui officia deserunt mollit anim id est laborum.
